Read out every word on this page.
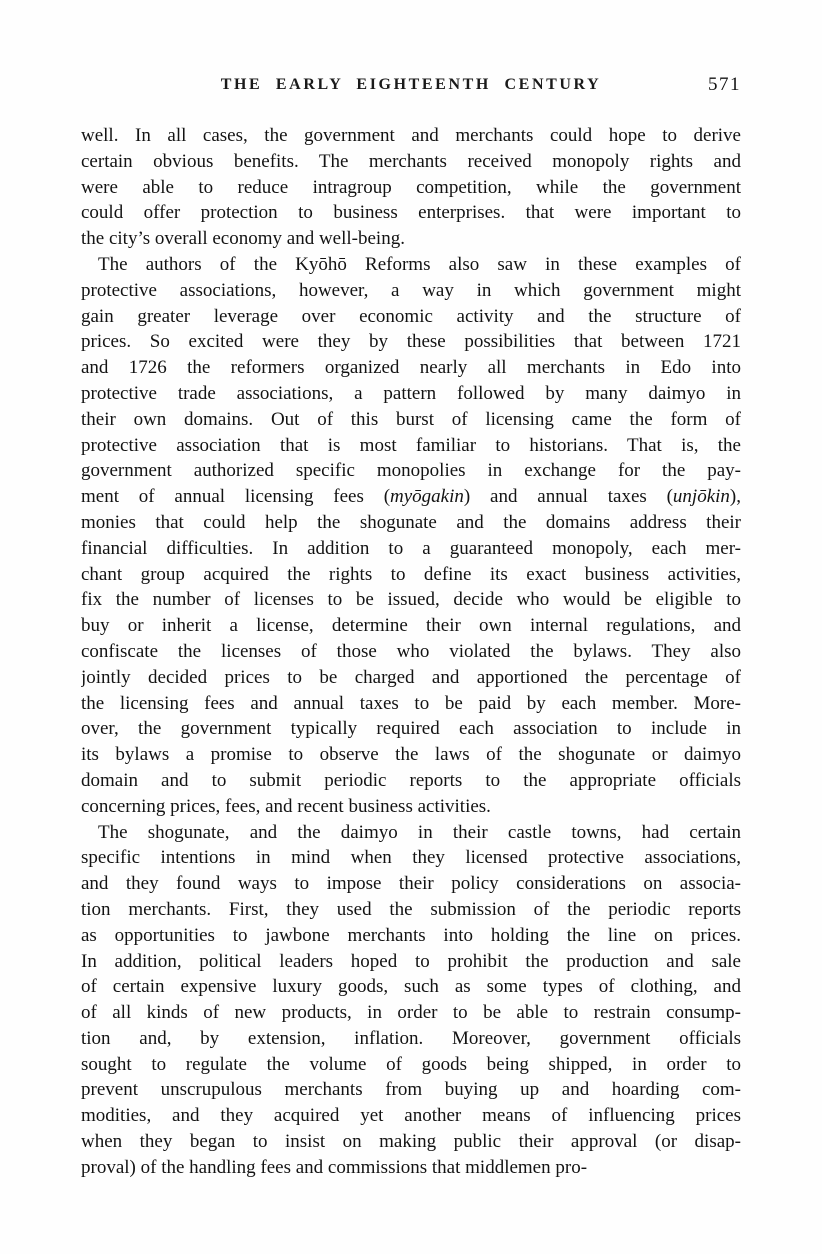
THE EARLY EIGHTEENTH CENTURY	571
well. In all cases, the government and merchants could hope to derive
certain obvious benefits. The merchants received monopoly rights and
were able to reduce intragroup competition, while the government
could offer protection to business enterprises. that were important to
the city’s overall economy and well-being.
The authors of the Kyōhō Reforms also saw in these examples of
protective associations, however, a way in which government might
gain greater leverage over economic activity and the structure of
prices. So excited were they by these possibilities that between 1721
and 1726 the reformers organized nearly all merchants in Edo into
protective trade associations, a pattern followed by many daimyo in
their own domains. Out of this burst of licensing came the form of
protective association that is most familiar to historians. That is, the
government authorized specific monopolies in exchange for the pay-
ment of annual licensing fees (myōgakin) and annual taxes (unjōkin),
monies that could help the shogunate and the domains address their
financial difficulties. In addition to a guaranteed monopoly, each mer-
chant group acquired the rights to define its exact business activities,
fix the number of licenses to be issued, decide who would be eligible to
buy or inherit a license, determine their own internal regulations, and
confiscate the licenses of those who violated the bylaws. They also
jointly decided prices to be charged and apportioned the percentage of
the licensing fees and annual taxes to be paid by each member. More-
over, the government typically required each association to include in
its bylaws a promise to observe the laws of the shogunate or daimyo
domain and to submit periodic reports to the appropriate officials
concerning prices, fees, and recent business activities.
The shogunate, and the daimyo in their castle towns, had certain
specific intentions in mind when they licensed protective associations,
and they found ways to impose their policy considerations on associa-
tion merchants. First, they used the submission of the periodic reports
as opportunities to jawbone merchants into holding the line on prices.
In addition, political leaders hoped to prohibit the production and sale
of certain expensive luxury goods, such as some types of clothing, and
of all kinds of new products, in order to be able to restrain consump-
tion and, by extension, inflation. Moreover, government officials
sought to regulate the volume of goods being shipped, in order to
prevent unscrupulous merchants from buying up and hoarding com-
modities, and they acquired yet another means of influencing prices
when they began to insist on making public their approval (or disap-
proval) of the handling fees and commissions that middlemen pro-
